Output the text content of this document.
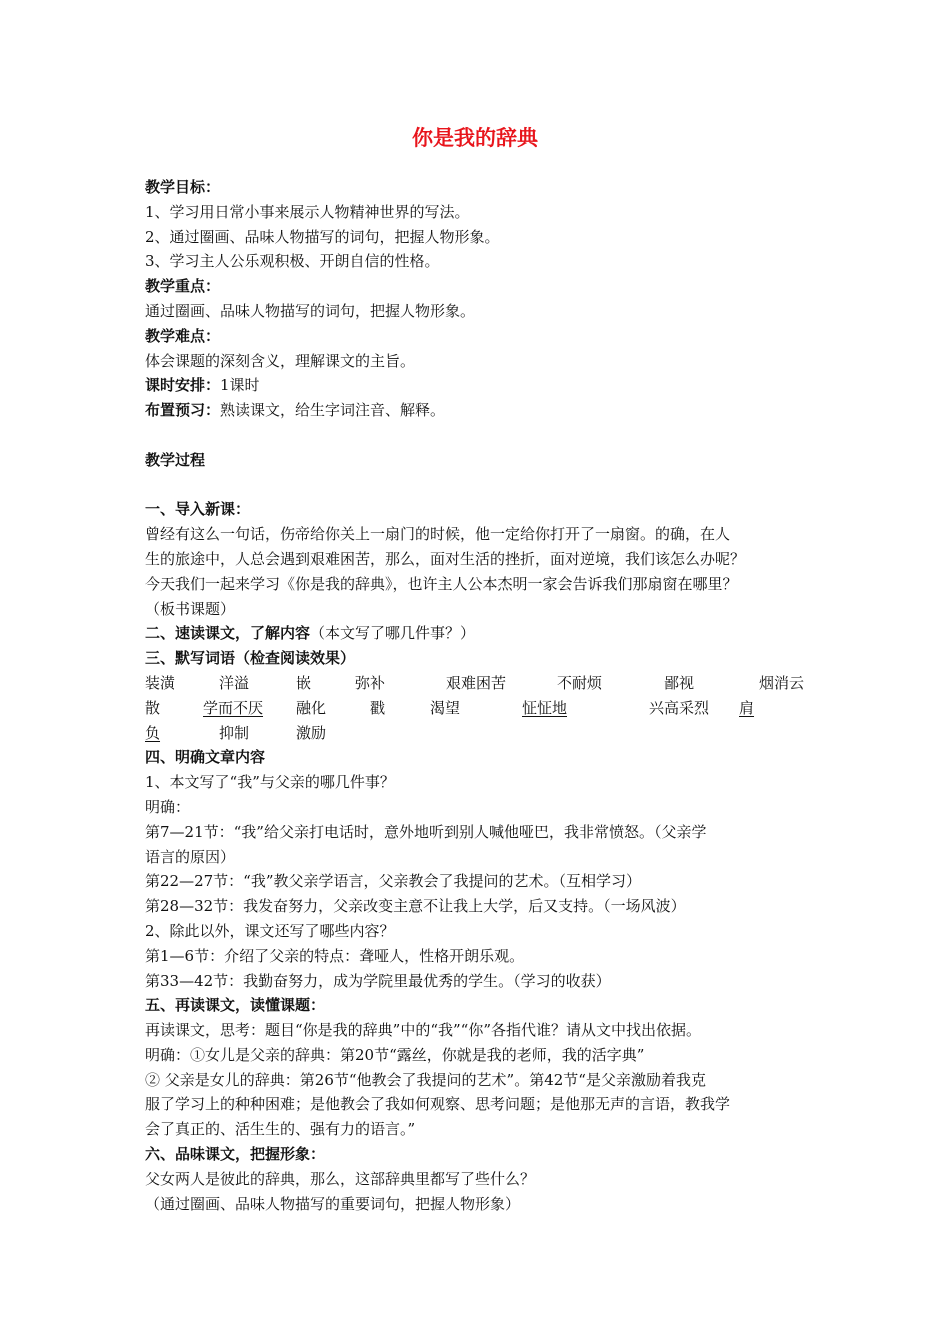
你是我的辞典
教学目标：
1、学习用日常小事来展示人物精神世界的写法。
2、通过圈画、品味人物描写的词句，把握人物形象。
3、学习主人公乐观积极、开朗自信的性格。
教学重点：
通过圈画、品味人物描写的词句，把握人物形象。
教学难点：
体会课题的深刻含义，理解课文的主旨。
课时安排：1课时
布置预习：熟读课文，给生字词注音、解释。
教学过程
一、导入新课：
曾经有这么一句话，伤帝给你关上一扇门的时候，他一定给你打开了一扇窗。的确，在人
生的旅途中，人总会遇到艰难困苦，那么，面对生活的挫折，面对逆境，我们该怎么办呢？
今天我们一起来学习《你是我的辞典》，也许主人公本杰明一家会告诉我们那扇窗在哪里？
（板书课题）
二、速读课文，了解内容（本文写了哪几件事？）
三、默写词语（检查阅读效果）
装潢	洋溢	嵌	弥补	艰难困苦	不耐烦	鄙视	烟消云
散	学而不厌 融化	戳	渴望	怔怔地	兴高采烈 肩
负	抑制	激励
四、明确文章内容
1、本文写了“我”与父亲的哪几件事？
明确：
第7—21节：“我”给父亲打电话时，意外地听到别人喊他哑巴，我非常愤怒。（父亲学
语言的原因）
第22—27节：“我”教父亲学语言，父亲教会了我提问的艺术。（互相学习）
第28—32节：我发奋努力，父亲改变主意不让我上大学，后又支持。（一场风波）
2、除此以外，课文还写了哪些内容？
第1—6节：介绍了父亲的特点：聋哑人，性格开朗乐观。
第33—42节：我勤奋努力，成为学院里最优秀的学生。（学习的收获）
五、再读课文，读懂课题：
再读课文，思考：题目“你是我的辞典”中的“我”“你”各指代谁？请从文中找出依据。
明确：①女儿是父亲的辞典：第20节“露丝，你就是我的老师，我的活字典”
② 父亲是女儿的辞典：第26节“他教会了我提问的艺术”。第42节“是父亲激励着我克
服了学习上的种种困难；是他教会了我如何观察、思考问题；是他那无声的言语，教我学
会了真正的、活生生的、强有力的语言。”
六、品味课文，把握形象：
父女两人是彼此的辞典，那么，这部辞典里都写了些什么？
（通过圈画、品味人物描写的重要词句，把握人物形象）
